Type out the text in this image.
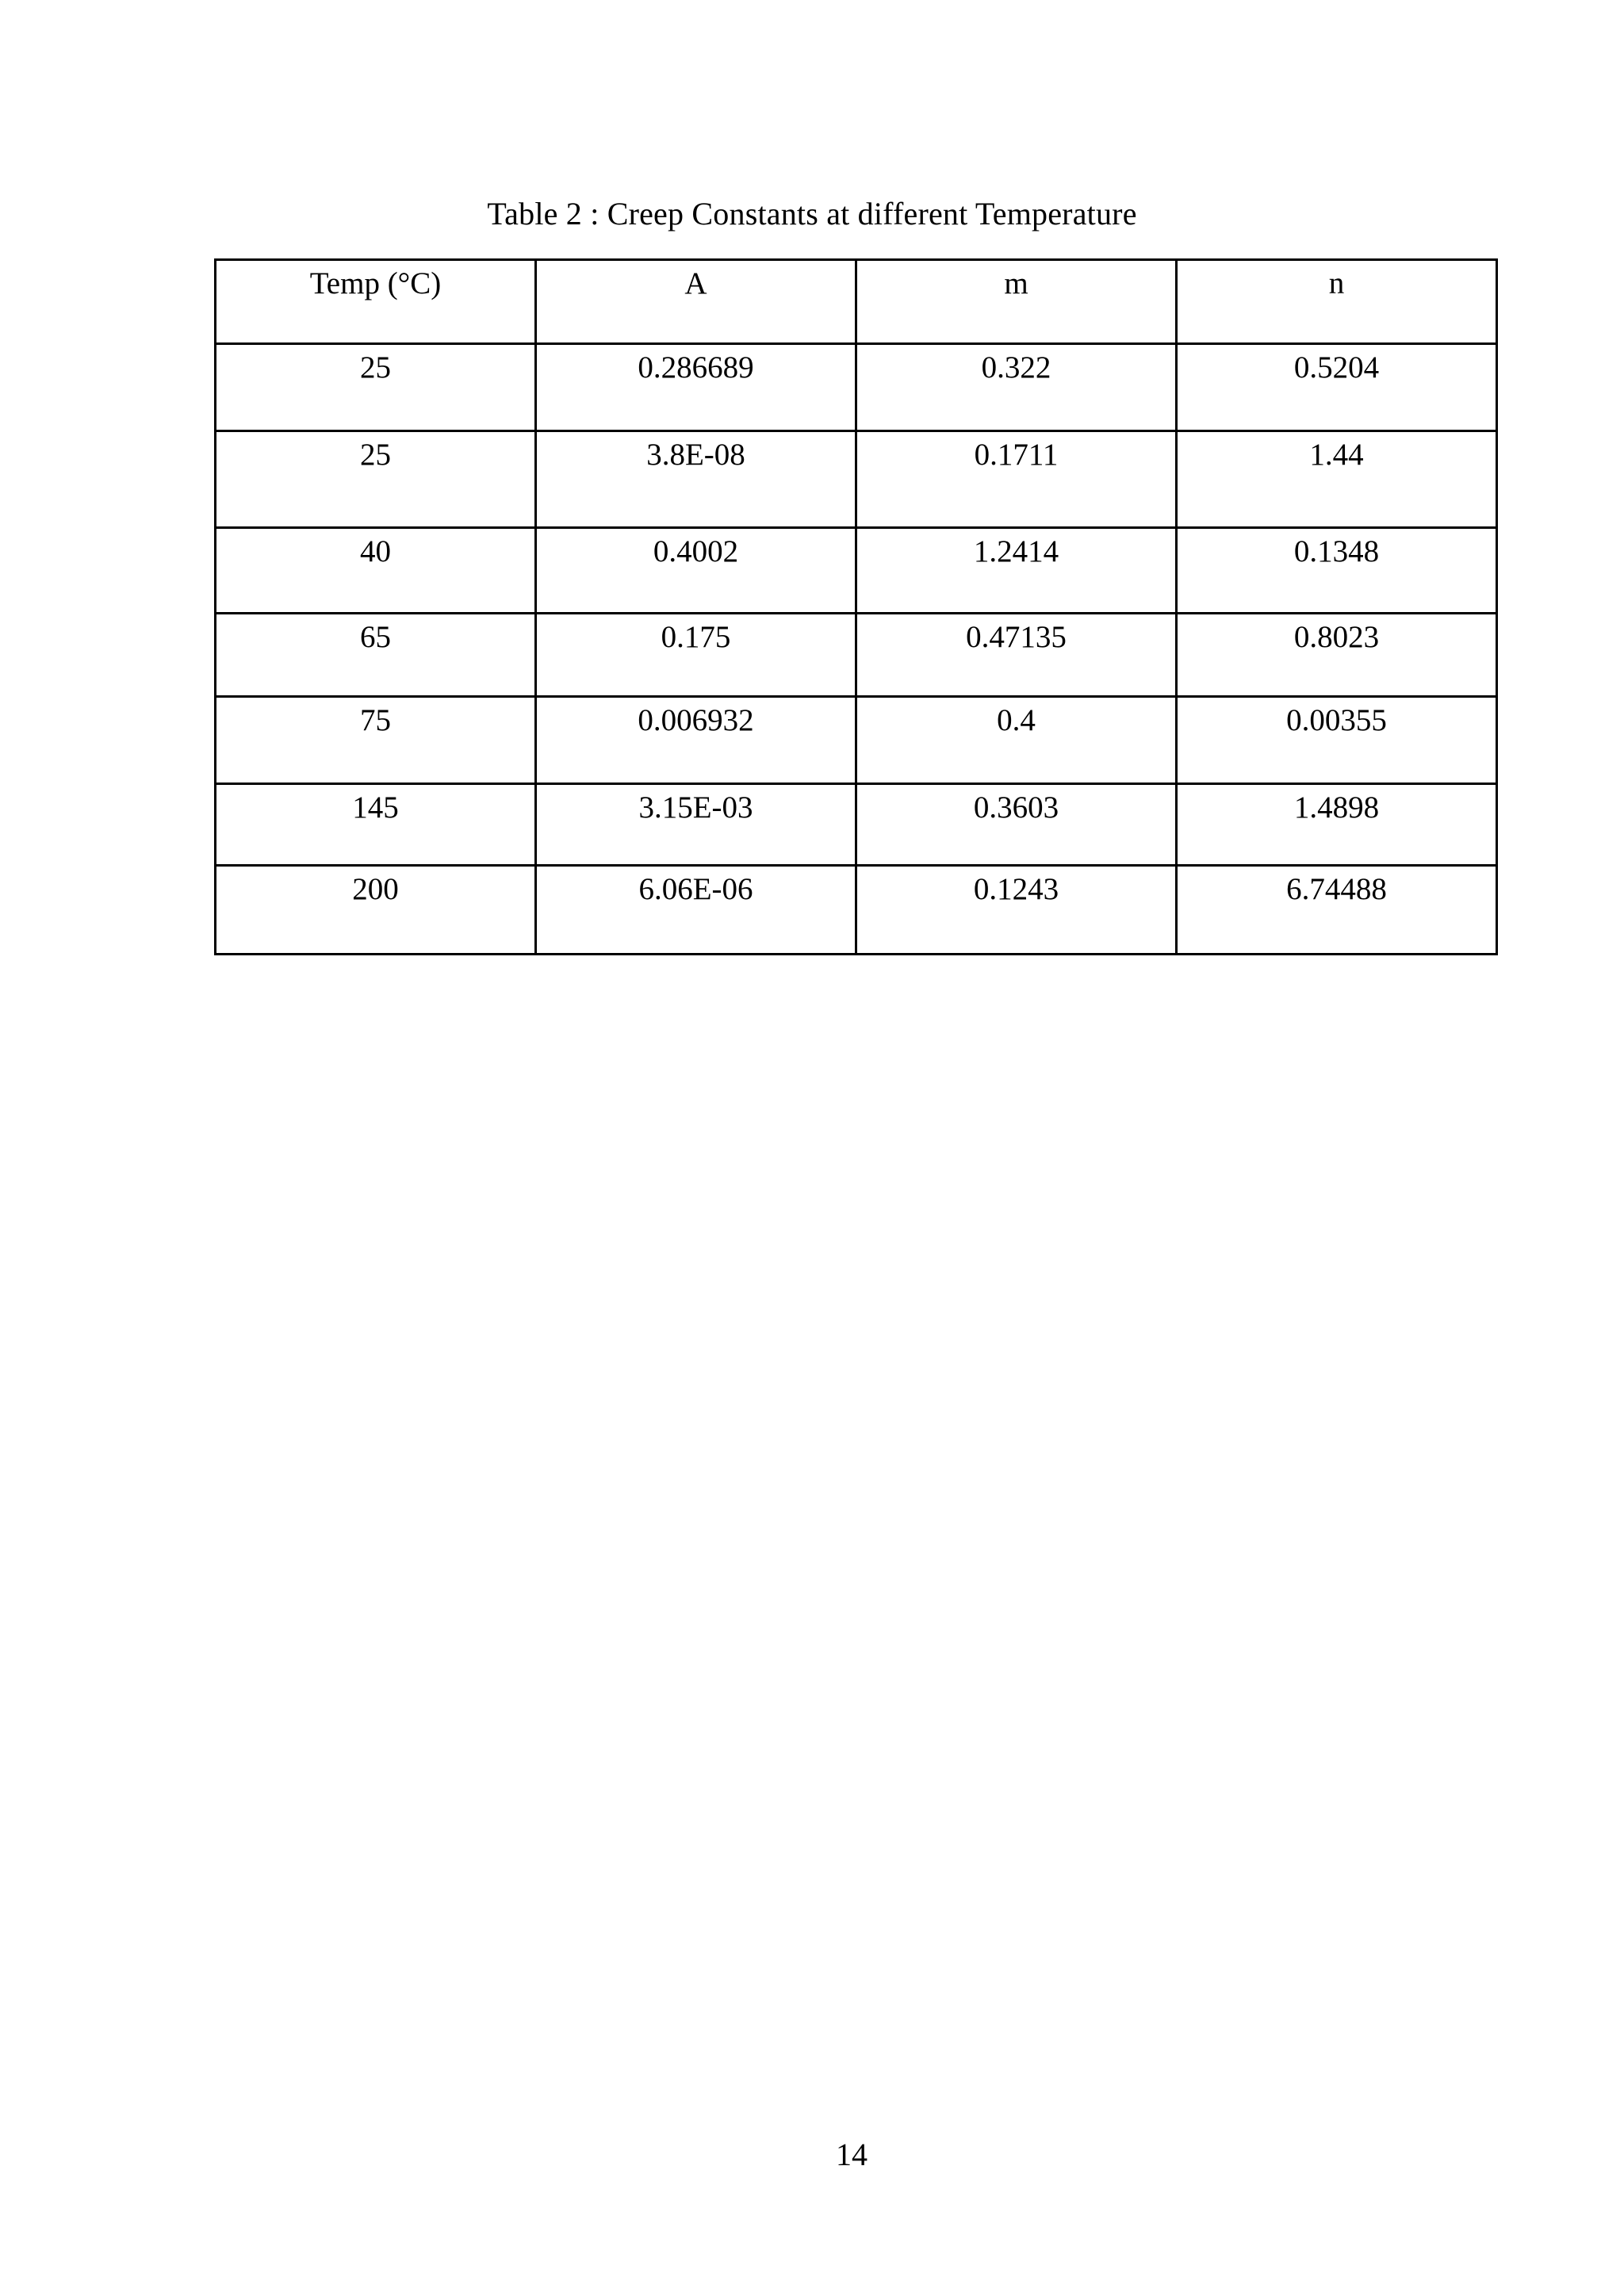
Table 2 : Creep Constants at different Temperature
Temp (°C)	A	m	n
25	0.286689	0.322	0.5204
25	3.8E-08	0.1711	1.44
40	0.4002	1.2414	0.1348
65	0.175	0.47135	0.8023
75	0.006932	0.4	0.00355
145	3.15E-03	0.3603	1.4898
200	6.06E-06	0.1243	6.74488
14
